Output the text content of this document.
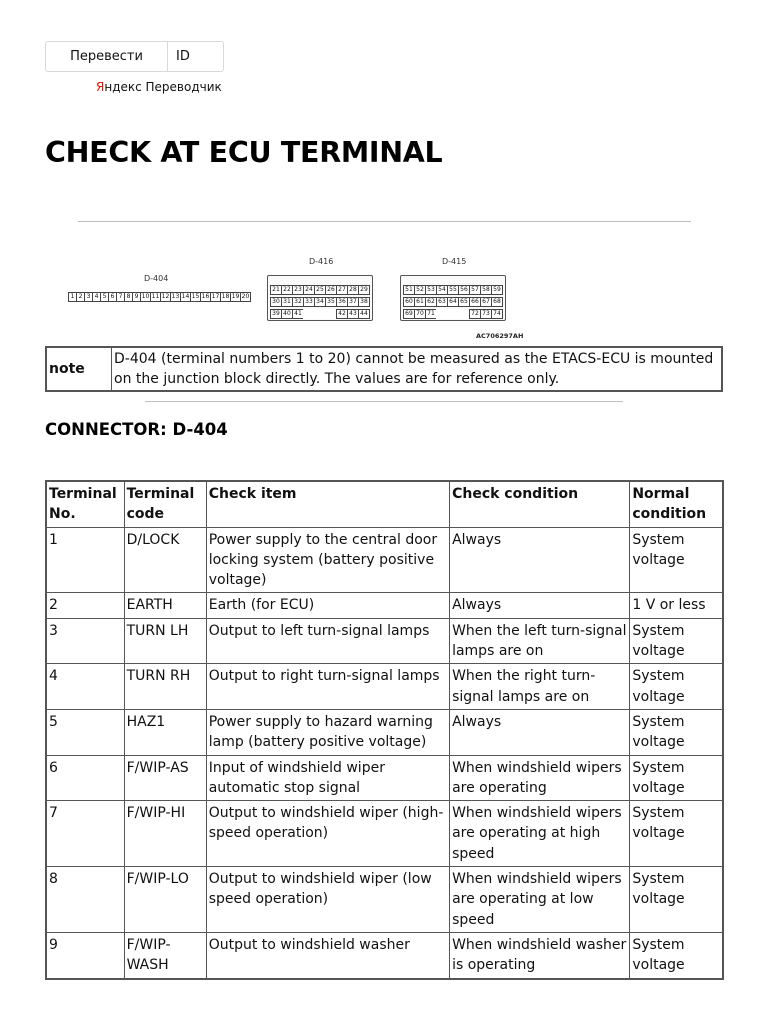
Перевести	ID
Яндекс Переводчик
CHECK AT ECU TERMINAL
D-404
1 2 3 4 5 6 7 8 9 10 11 12 13 14 15 16 17 18 19 20
D-416
21 22 23 24 25 26 27 28 29
30 31 32 33 34 35 36 37 38
39 40 41	42 43 44
D-415
51 52 53 54 55 56 57 58 59
60 61 62 63 64 65 66 67 68
69 70 71	72 73 74
AC706297AH
note	D-404 (terminal numbers 1 to 20) cannot be measured as the ETACS-ECU is mounted on the junction block directly. The values are for reference only.
CONNECTOR: D-404
Terminal No.	Terminal code	Check item	Check condition	Normal condition
1	D/LOCK	Power supply to the central door locking system (battery positive voltage)	Always	System voltage
2	EARTH	Earth (for ECU)	Always	1 V or less
3	TURN LH	Output to left turn-signal lamps	When the left turn-signal lamps are on	System voltage
4	TURN RH	Output to right turn-signal lamps	When the right turn-signal lamps are on	System voltage
5	HAZ1	Power supply to hazard warning lamp (battery positive voltage)	Always	System voltage
6	F/WIP-AS	Input of windshield wiper automatic stop signal	When windshield wipers are operating	System voltage
7	F/WIP-HI	Output to windshield wiper (high-speed operation)	When windshield wipers are operating at high speed	System voltage
8	F/WIP-LO	Output to windshield wiper (low speed operation)	When windshield wipers are operating at low speed	System voltage
9	F/WIP-WASH	Output to windshield washer	When windshield washer is operating	System voltage
